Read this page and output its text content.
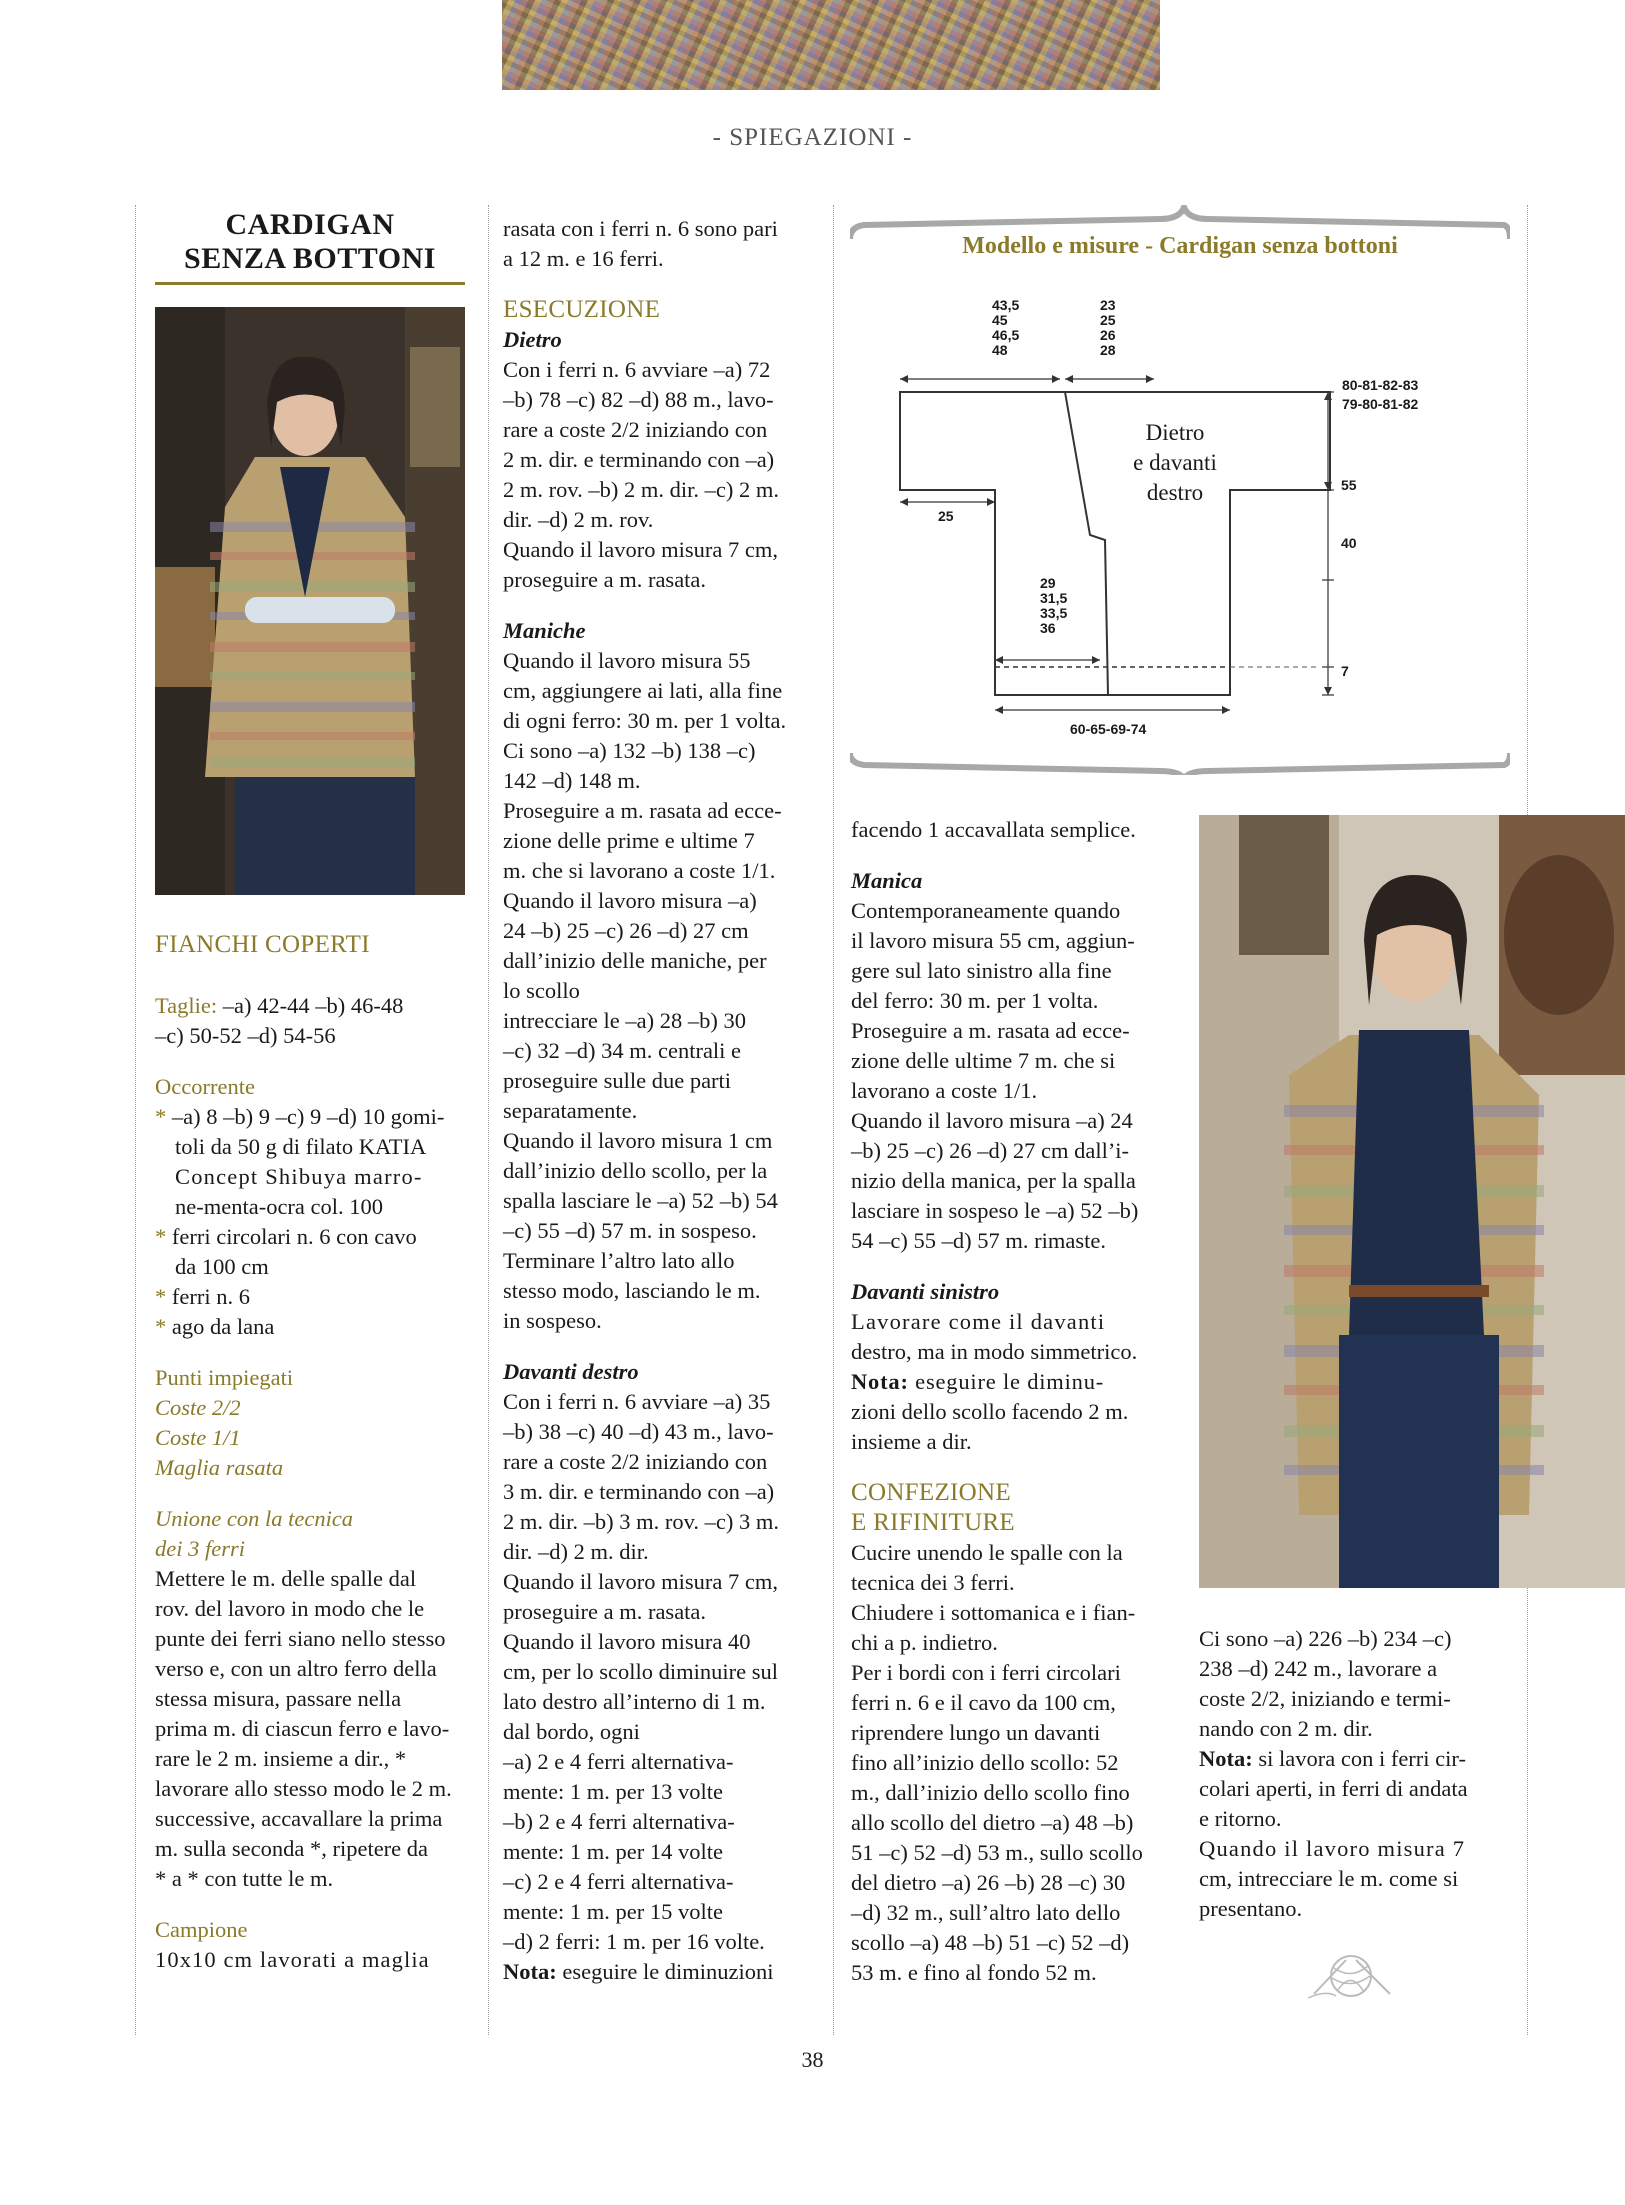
- SPIEGAZIONI -
CARDIGAN
SENZA BOTTONI

FIANCHI COPERTI

Taglie: –a) 42-44 –b) 46-48

–c) 50-52 –d) 54-56

Occorrente

* –a) 8 –b) 9 –c) 9 –d) 10 gomi-

toli da 50 g di filato KATIA

Concept Shibuya marro-

ne-menta-ocra col. 100

* ferri circolari n. 6 con cavo

da 100 cm

* ferri n. 6

* ago da lana

Punti impiegati

Coste 2/2

Coste 1/1

Maglia rasata

Unione con la tecnica

dei 3 ferri

Mettere le m. delle spalle dal

rov. del lavoro in modo che le

punte dei ferri siano nello stesso

verso e, con un altro ferro della

stessa misura, passare nella

prima m. di ciascun ferro e lavo-

rare le 2 m. insieme a dir., *

lavorare allo stesso modo le 2 m.

successive, accavallare la prima

m. sulla seconda *, ripetere da

* a * con tutte le m.

Campione

10x10 cm lavorati a maglia

rasata con i ferri n. 6 sono pari

a 12 m. e 16 ferri.

ESECUZIONE

Dietro

Con i ferri n. 6 avviare –a) 72

–b) 78 –c) 82 –d) 88 m., lavo-

rare a coste 2/2 iniziando con

2 m. dir. e terminando con –a)

2 m. rov. –b) 2 m. dir. –c) 2 m.

dir. –d) 2 m. rov.

Quando il lavoro misura 7 cm,

proseguire a m. rasata.

Maniche

Quando il lavoro misura 55

cm, aggiungere ai lati, alla fine

di ogni ferro: 30 m. per 1 volta.

Ci sono –a) 132 –b) 138 –c)

142 –d) 148 m.

Proseguire a m. rasata ad ecce-

zione delle prime e ultime 7

m. che si lavorano a coste 1/1.

Quando il lavoro misura –a)

24 –b) 25 –c) 26 –d) 27 cm

dall’inizio delle maniche, per

lo scollo

intrecciare le –a) 28 –b) 30

–c) 32 –d) 34 m. centrali e

proseguire sulle due parti

separatamente.

Quando il lavoro misura 1 cm

dall’inizio dello scollo, per la

spalla lasciare le –a) 52 –b) 54

–c) 55 –d) 57 m. in sospeso.

Terminare l’altro lato allo

stesso modo, lasciando le m.

in sospeso.

Davanti destro

Con i ferri n. 6 avviare –a) 35

–b) 38 –c) 40 –d) 43 m., lavo-

rare a coste 2/2 iniziando con

3 m. dir. e terminando con –a)

2 m. dir. –b) 3 m. rov. –c) 3 m.

dir. –d) 2 m. dir.

Quando il lavoro misura 7 cm,

proseguire a m. rasata.

Quando il lavoro misura 40

cm, per lo scollo diminuire sul

lato destro all’interno di 1 m.

dal bordo, ogni

–a) 2 e 4 ferri alternativa-

mente: 1 m. per 13 volte

–b) 2 e 4 ferri alternativa-

mente: 1 m. per 14 volte

–c) 2 e 4 ferri alternativa-

mente: 1 m. per 15 volte

–d) 2 ferri: 1 m. per 16 volte.

Nota: eseguire le diminuzioni

Modello e misure - Cardigan senza bottoni
43,5
45
46,5
48
23
25
26
28
80-81-82-83
79-80-81-82
Dietro
e davanti
destro
25
55
40
7
29
31,5
33,5
36
60-65-69-74

facendo 1 accavallata semplice.

Manica

Contemporaneamente quando

il lavoro misura 55 cm, aggiun-

gere sul lato sinistro alla fine

del ferro: 30 m. per 1 volta.

Proseguire a m. rasata ad ecce-

zione delle ultime 7 m. che si

lavorano a coste 1/1.

Quando il lavoro misura –a) 24

–b) 25 –c) 26 –d) 27 cm dall’i-

nizio della manica, per la spalla

lasciare in sospeso le –a) 52 –b)

54 –c) 55 –d) 57 m. rimaste.

Davanti sinistro

Lavorare come il davanti

destro, ma in modo simmetrico.

Nota: eseguire le diminu-

zioni dello scollo facendo 2 m.

insieme a dir.

CONFEZIONE

E RIFINITURE

Cucire unendo le spalle con la

tecnica dei 3 ferri.

Chiudere i sottomanica e i fian-

chi a p. indietro.

Per i bordi con i ferri circolari

ferri n. 6 e il cavo da 100 cm,

riprendere lungo un davanti

fino all’inizio dello scollo: 52

m., dall’inizio dello scollo fino

allo scollo del dietro –a) 48 –b)

51 –c) 52 –d) 53 m., sullo scollo

del dietro –a) 26 –b) 28 –c) 30

–d) 32 m., sull’altro lato dello

scollo –a) 48 –b) 51 –c) 52 –d)

53 m. e fino al fondo 52 m.

Ci sono –a) 226 –b) 234 –c)

238 –d) 242 m., lavorare a

coste 2/2, iniziando e termi-

nando con 2 m. dir.

Nota: si lavora con i ferri cir-

colari aperti, in ferri di andata

e ritorno.

Quando il lavoro misura 7

cm, intrecciare le m. come si

presentano.

38
